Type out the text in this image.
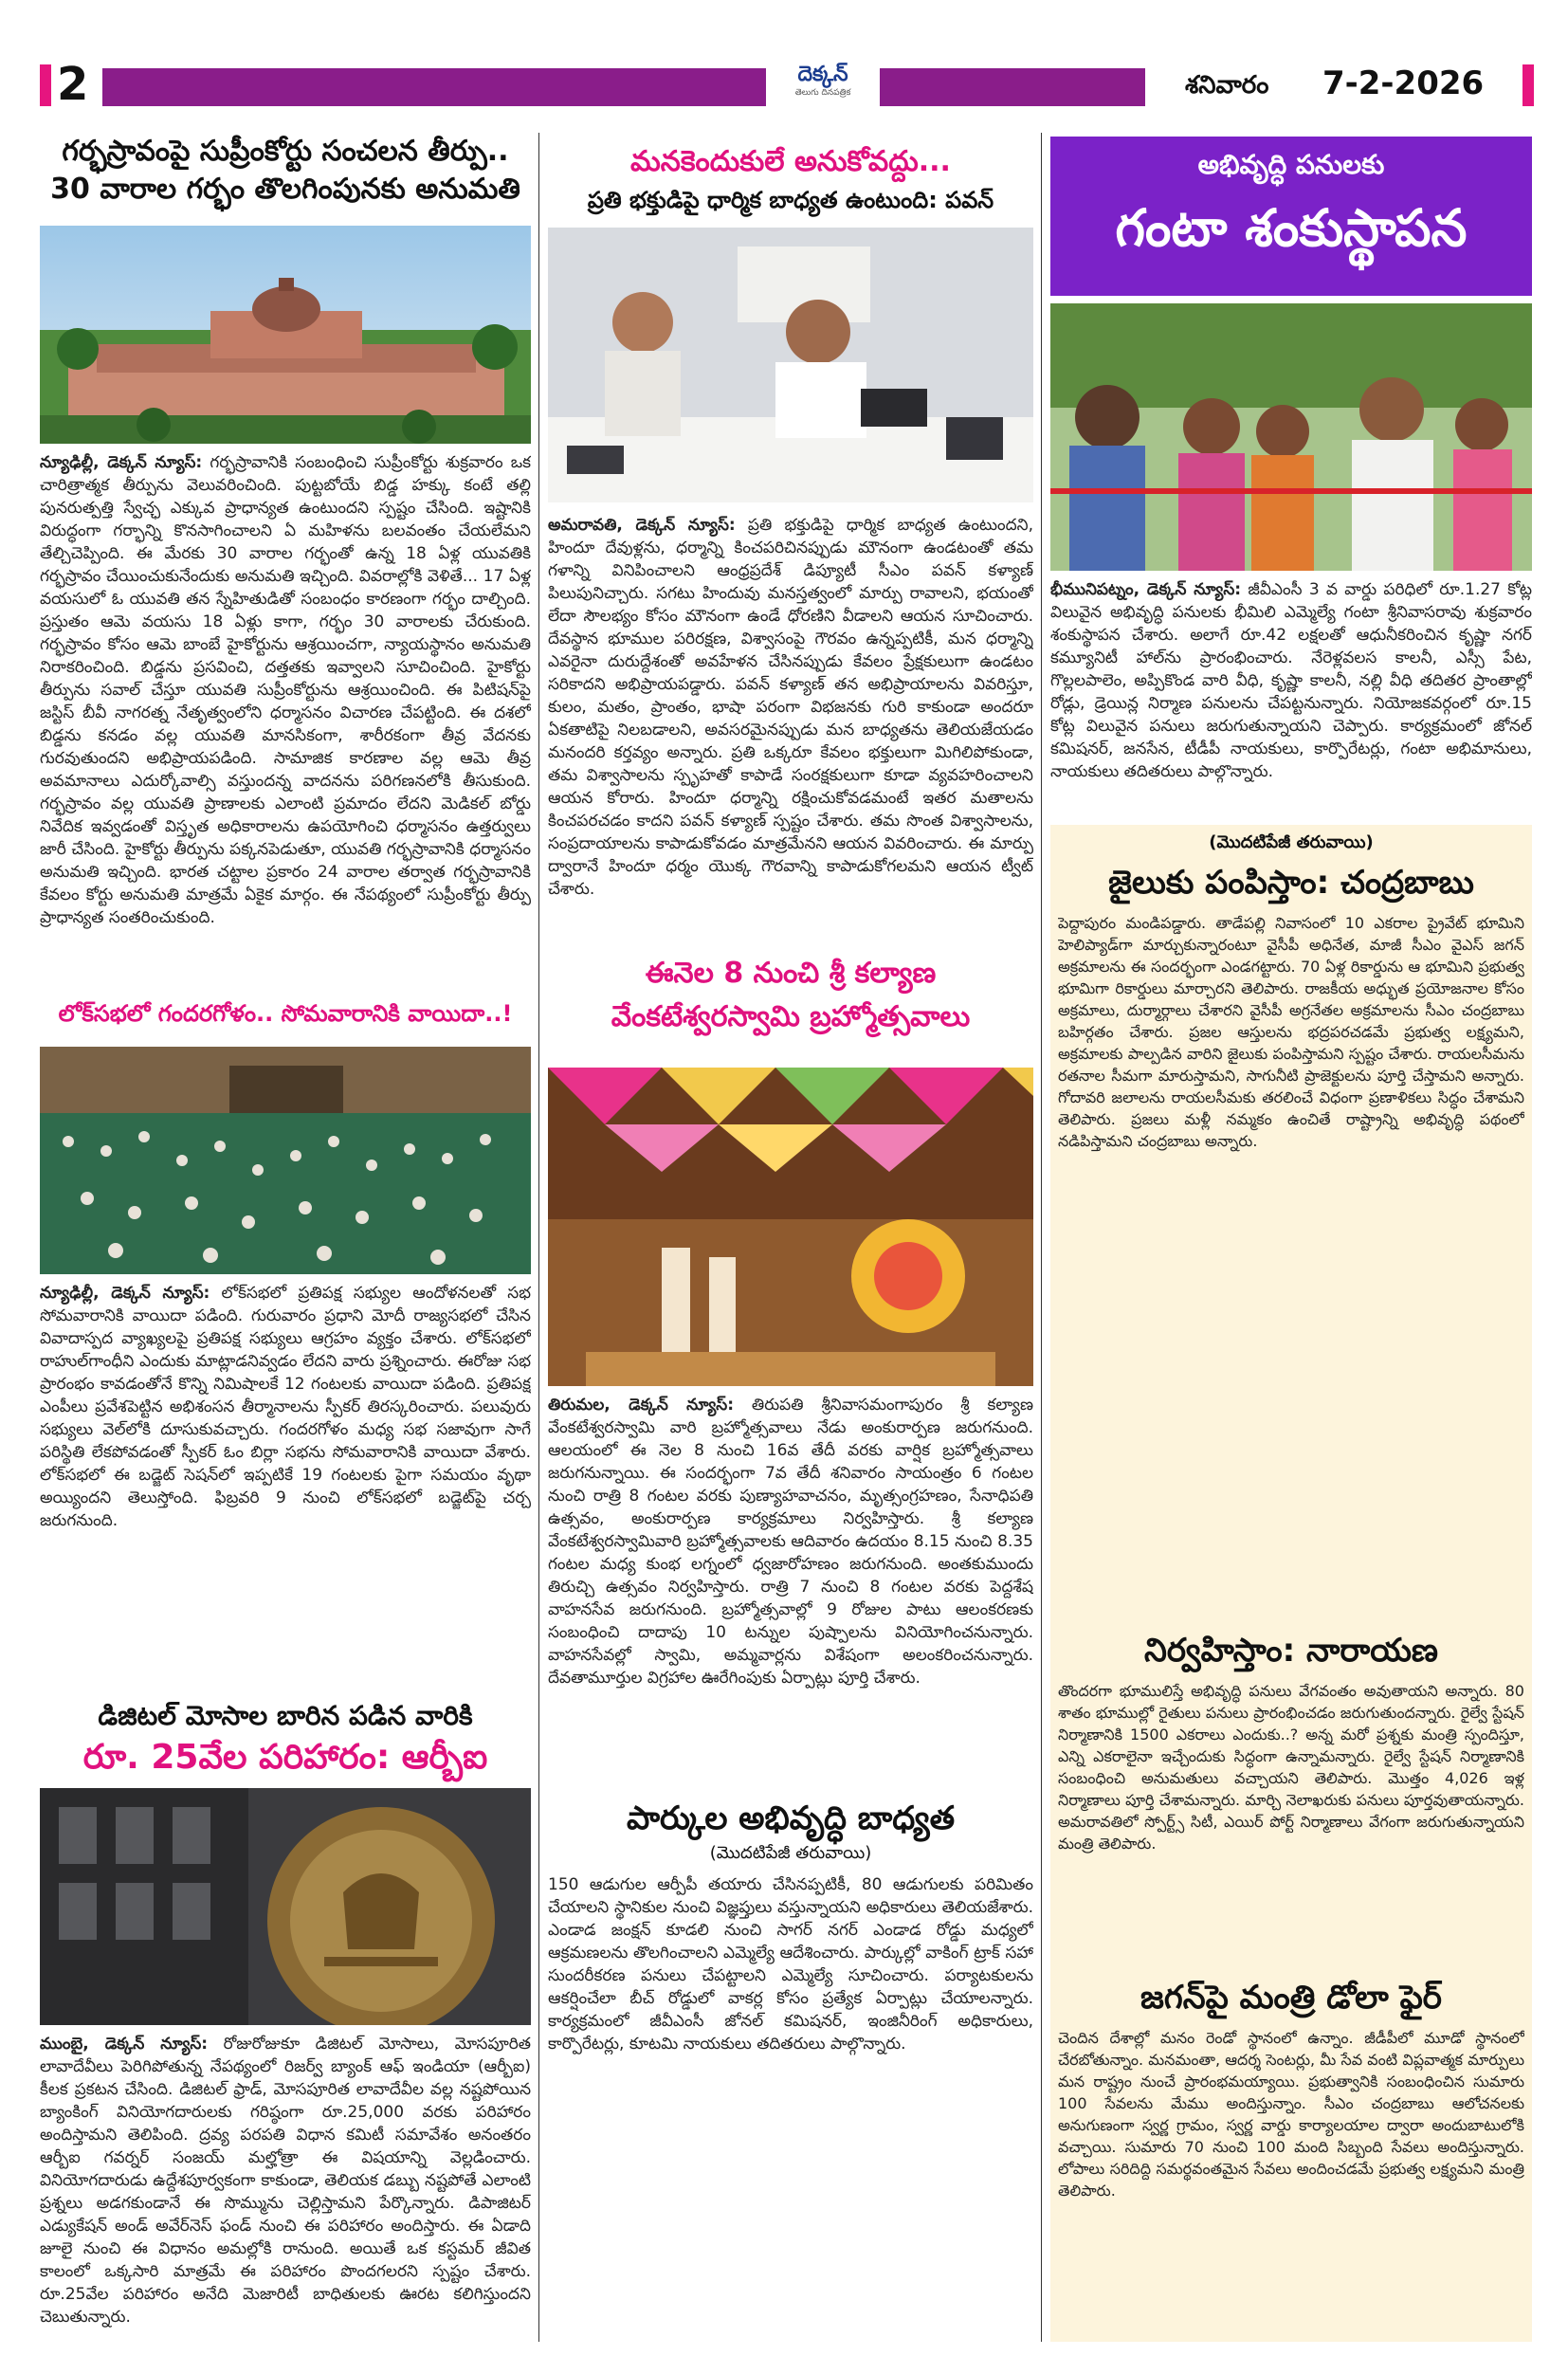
2	దెక్కన్
తెలుగు దినపత్రిక	శనివారం 7-2-2026
గర్భస్రావంపై సుప్రీంకోర్టు సంచలన తీర్పు..
30 వారాల గర్భం తొలగింపునకు అనుమతి
న్యూఢిల్లీ, డెక్కన్ న్యూస్: గర్భస్రావానికి సంబంధించి సుప్రీంకోర్టు శుక్రవారం ఒక చారిత్రాత్మక తీర్పును వెలువరించింది. పుట్టబోయే బిడ్డ హక్కు కంటే తల్లి పునరుత్పత్తి స్వేచ్ఛ ఎక్కువ ప్రాధాన్యత ఉంటుందని స్పష్టం చేసింది. ఇష్టానికి విరుద్ధంగా గర్భాన్ని కొనసాగించాలని ఏ మహిళను బలవంతం చేయలేమని తేల్చిచెప్పింది. ఈ మేరకు 30 వారాల గర్భంతో ఉన్న 18 ఏళ్ల యువతికి గర్భస్రావం చేయించుకునేందుకు అనుమతి ఇచ్చింది. వివరాల్లోకి వెళితే... 17 ఏళ్ల వయసులో ఓ యువతి తన స్నేహితుడితో సంబంధం కారణంగా గర్భం దాల్చింది. ప్రస్తుతం ఆమె వయసు 18 ఏళ్లు కాగా, గర్భం 30 వారాలకు చేరుకుంది. గర్భస్రావం కోసం ఆమె బాంబే హైకోర్టును ఆశ్రయించగా, న్యాయస్థానం అనుమతి నిరాకరించింది. బిడ్డను ప్రసవించి, దత్తతకు ఇవ్వాలని సూచించింది. హైకోర్టు తీర్పును సవాల్ చేస్తూ యువతి సుప్రీంకోర్టును ఆశ్రయించింది. ఈ పిటిషన్‌పై జస్టిస్ బీవీ నాగరత్న నేతృత్వంలోని ధర్మాసనం విచారణ చేపట్టింది. ఈ దశలో బిడ్డను కనడం వల్ల యువతి మానసికంగా, శారీరకంగా తీవ్ర వేదనకు గురవుతుందని అభిప్రాయపడింది. సామాజిక కారణాల వల్ల ఆమె తీవ్ర అవమానాలు ఎదుర్కోవాల్సి వస్తుందన్న వాదనను పరిగణనలోకి తీసుకుంది. గర్భస్రావం వల్ల యువతి ప్రాణాలకు ఎలాంటి ప్రమాదం లేదని మెడికల్ బోర్డు నివేదిక ఇవ్వడంతో విస్తృత అధికారాలను ఉపయోగించి ధర్మాసనం ఉత్తర్వులు జారీ చేసింది. హైకోర్టు తీర్పును పక్కనపెడుతూ, యువతి గర్భస్రావానికి ధర్మాసనం అనుమతి ఇచ్చింది. భారత చట్టాల ప్రకారం 24 వారాల తర్వాత గర్భస్రావానికి కేవలం కోర్టు అనుమతి మాత్రమే ఏకైక మార్గం. ఈ నేపథ్యంలో సుప్రీంకోర్టు తీర్పు ప్రాధాన్యత సంతరించుకుంది.
లోక్‌సభలో గందరగోళం.. సోమవారానికి వాయిదా..!
న్యూఢిల్లీ, డెక్కన్ న్యూస్: లోక్‌సభలో ప్రతిపక్ష సభ్యుల ఆందోళనలతో సభ సోమవారానికి వాయిదా పడింది. గురువారం ప్రధాని మోదీ రాజ్యసభలో చేసిన వివాదాస్పద వ్యాఖ్యలపై ప్రతిపక్ష సభ్యులు ఆగ్రహం వ్యక్తం చేశారు. లోక్‌సభలో రాహుల్‌గాంధీని ఎందుకు మాట్లాడనివ్వడం లేదని వారు ప్రశ్నించారు. ఈరోజు సభ ప్రారంభం కావడంతోనే కొన్ని నిమిషాలకే 12 గంటలకు వాయిదా పడింది. ప్రతిపక్ష ఎంపీలు ప్రవేశపెట్టిన అభిశంసన తీర్మానాలను స్పీకర్ తిరస్కరించారు. పలువురు సభ్యులు వెల్‌లోకి దూసుకువచ్చారు. గందరగోళం మధ్య సభ సజావుగా సాగే పరిస్థితి లేకపోవడంతో స్పీకర్ ఓం బిర్లా సభను సోమవారానికి వాయిదా వేశారు. లోక్‌సభలో ఈ బడ్జెట్ సెషన్‌లో ఇప్పటికే 19 గంటలకు పైగా సమయం వృథా అయ్యిందని తెలుస్తోంది. ఫిబ్రవరి 9 నుంచి లోక్‌సభలో బడ్జెట్‌పై చర్చ జరుగనుంది.
డిజిటల్ మోసాల బారిన పడిన వారికి
రూ. 25వేల పరిహారం: ఆర్బీఐ
ముంబై, డెక్కన్ న్యూస్: రోజురోజుకూ డిజిటల్ మోసాలు, మోసపూరిత లావాదేవీలు పెరిగిపోతున్న నేపథ్యంలో రిజర్వ్ బ్యాంక్ ఆఫ్ ఇండియా (ఆర్బీఐ) కీలక ప్రకటన చేసింది. డిజిటల్ ఫ్రాడ్, మోసపూరిత లావాదేవీల వల్ల నష్టపోయిన బ్యాంకింగ్ వినియోగదారులకు గరిష్ఠంగా రూ.25,000 వరకు పరిహారం అందిస్తామని తెలిపింది. ద్రవ్య పరపతి విధాన కమిటీ సమావేశం అనంతరం ఆర్బీఐ గవర్నర్ సంజయ్ మల్హోత్రా ఈ విషయాన్ని వెల్లడించారు. వినియోగదారుడు ఉద్దేశపూర్వకంగా కాకుండా, తెలియక డబ్బు నష్టపోతే ఎలాంటి ప్రశ్నలు అడగకుండానే ఈ సొమ్మును చెల్లిస్తామని పేర్కొన్నారు. డిపాజిటర్ ఎడ్యుకేషన్ అండ్ అవేర్‌నెస్ ఫండ్ నుంచి ఈ పరిహారం అందిస్తారు. ఈ ఏడాది జూలై నుంచి ఈ విధానం అమల్లోకి రానుంది. అయితే ఒక కస్టమర్ జీవిత కాలంలో ఒక్కసారి మాత్రమే ఈ పరిహారం పొందగలరని స్పష్టం చేశారు. రూ.25వేల పరిహారం అనేది మెజారిటీ బాధితులకు ఊరట కలిగిస్తుందని చెబుతున్నారు.
మనకెందుకులే అనుకోవద్దు...
ప్రతి భక్తుడిపై ధార్మిక బాధ్యత ఉంటుంది: పవన్
అమరావతి, డెక్కన్ న్యూస్: ప్రతి భక్తుడిపై ధార్మిక బాధ్యత ఉంటుందని, హిందూ దేవుళ్లను, ధర్మాన్ని కించపరిచినప్పుడు మౌనంగా ఉండటంతో తమ గళాన్ని వినిపించాలని ఆంధ్రప్రదేశ్ డిప్యూటీ సీఎం పవన్ కళ్యాణ్ పిలుపునిచ్చారు. సగటు హిందువు మనస్తత్వంలో మార్పు రావాలని, భయంతో లేదా సౌలభ్యం కోసం మౌనంగా ఉండే ధోరణిని వీడాలని ఆయన సూచించారు. దేవస్థాన భూముల పరిరక్షణ, విశ్వాసంపై గౌరవం ఉన్నప్పటికీ, మన ధర్మాన్ని ఎవరైనా దురుద్దేశంతో అవహేళన చేసినప్పుడు కేవలం ప్రేక్షకులుగా ఉండటం సరికాదని అభిప్రాయపడ్డారు. పవన్ కళ్యాణ్ తన అభిప్రాయాలను వివరిస్తూ, కులం, మతం, ప్రాంతం, భాషా పరంగా విభజనకు గురి కాకుండా అందరూ ఏకతాటిపై నిలబడాలని, అవసరమైనప్పుడు మన బాధ్యతను తెలియజేయడం మనందరి కర్తవ్యం అన్నారు. ప్రతి ఒక్కరూ కేవలం భక్తులుగా మిగిలిపోకుండా, తమ విశ్వాసాలను స్పృహతో కాపాడే సంరక్షకులుగా కూడా వ్యవహరించాలని ఆయన కోరారు. హిందూ ధర్మాన్ని రక్షించుకోవడమంటే ఇతర మతాలను కించపరచడం కాదని పవన్ కళ్యాణ్ స్పష్టం చేశారు. తమ సొంత విశ్వాసాలను, సంప్రదాయాలను కాపాడుకోవడం మాత్రమేనని ఆయన వివరించారు. ఈ మార్పు ద్వారానే హిందూ ధర్మం యొక్క గౌరవాన్ని కాపాడుకోగలమని ఆయన ట్వీట్ చేశారు.
ఈనెల 8 నుంచి శ్రీ కల్యాణ
వేంకటేశ్వరస్వామి బ్రహ్మోత్సవాలు
తిరుమల, డెక్కన్ న్యూస్: తిరుపతి శ్రీనివాసమంగాపురం శ్రీ కల్యాణ వేంకటేశ్వరస్వామి వారి బ్రహ్మోత్సవాలు నేడు అంకురార్పణ జరుగనుంది. ఆలయంలో ఈ నెల 8 నుంచి 16వ తేదీ వరకు వార్షిక బ్రహ్మోత్సవాలు జరుగనున్నాయి. ఈ సందర్భంగా 7వ తేదీ శనివారం సాయంత్రం 6 గంటల నుంచి రాత్రి 8 గంటల వరకు పుణ్యాహవాచనం, మృత్సంగ్రహణం, సేనాధిపతి ఉత్సవం, అంకురార్పణ కార్యక్రమాలు నిర్వహిస్తారు. శ్రీ కల్యాణ వేంకటేశ్వరస్వామివారి బ్రహ్మోత్సవాలకు ఆదివారం ఉదయం 8.15 నుంచి 8.35 గంటల మధ్య కుంభ లగ్నంలో ధ్వజారోహణం జరుగనుంది. అంతకుముందు తిరుచ్చి ఉత్సవం నిర్వహిస్తారు. రాత్రి 7 నుంచి 8 గంటల వరకు పెద్దశేష వాహనసేవ జరుగనుంది. బ్రహ్మోత్సవాల్లో 9 రోజుల పాటు ఆలంకరణకు సంబంధించి దాదాపు 10 టన్నుల పుష్పాలను వినియోగించనున్నారు. వాహనసేవల్లో స్వామి, అమ్మవార్లను విశేషంగా అలంకరించనున్నారు. దేవతామూర్తుల విగ్రహాల ఊరేగింపుకు ఏర్పాట్లు పూర్తి చేశారు.
పార్కుల అభివృద్ధి బాధ్యత
(మొదటిపేజీ తరువాయి)
150 ఆడుగుల ఆర్పీపీ తయారు చేసినప్పటికీ, 80 ఆడుగులకు పరిమితం చేయాలని స్థానికుల నుంచి విజ్ఞప్తులు వస్తున్నాయని అధికారులు తెలియజేశారు. ఎండాడ జంక్షన్ కూడలి నుంచి సాగర్ నగర్ ఎండాడ రోడ్డు మధ్యలో ఆక్రమణలను తొలగించాలని ఎమ్మెల్యే ఆదేశించారు. పార్కుల్లో వాకింగ్ ట్రాక్ సహా సుందరీకరణ పనులు చేపట్టాలని ఎమ్మెల్యే సూచించారు. పర్యాటకులను ఆకర్షించేలా బీచ్ రోడ్డులో వాకర్ల కోసం ప్రత్యేక ఏర్పాట్లు చేయాలన్నారు. కార్యక్రమంలో జీవీఎంసీ జోనల్ కమిషనర్, ఇంజినీరింగ్ అధికారులు, కార్పొరేటర్లు, కూటమి నాయకులు తదితరులు పాల్గొన్నారు.
అభివృద్ధి పనులకు
గంటా శంకుస్థాపన
భీమునిపట్నం, డెక్కన్ న్యూస్: జీవీఎంసీ 3 వ వార్డు పరిధిలో రూ.1.27 కోట్ల విలువైన అభివృద్ధి పనులకు భీమిలి ఎమ్మెల్యే గంటా శ్రీనివాసరావు శుక్రవారం శంకుస్థాపన చేశారు. అలాగే రూ.42 లక్షలతో ఆధునీకరించిన కృష్ణా నగర్ కమ్యూనిటీ హాల్‌ను ప్రారంభించారు. నేరెళ్లవలస కాలనీ, ఎస్సీ పేట, గొల్లలపాలెం, అప్పికొండ వారి వీధి, కృష్ణా కాలనీ, నల్లి వీధి తదితర ప్రాంతాల్లో రోడ్లు, డ్రెయిన్ల నిర్మాణ పనులను చేపట్టనున్నారు. నియోజకవర్గంలో రూ.15 కోట్ల విలువైన పనులు జరుగుతున్నాయని చెప్పారు. కార్యక్రమంలో జోనల్ కమిషనర్, జనసేన, టీడీపీ నాయకులు, కార్పొరేటర్లు, గంటా అభిమానులు, నాయకులు తదితరులు పాల్గొన్నారు.
(మొదటిపేజీ తరువాయి)
జైలుకు పంపిస్తాం: చంద్రబాబు
పెద్దాపురం మండిపడ్డారు. తాడేపల్లి నివాసంలో 10 ఎకరాల ప్రైవేట్ భూమిని హెలిప్యాడ్‌గా మార్చుకున్నారంటూ వైసీపీ అధినేత, మాజీ సీఎం వైఎస్ జగన్ అక్రమాలను ఈ సందర్భంగా ఎండగట్టారు. 70 ఏళ్ల రికార్డును ఆ భూమిని ప్రభుత్వ భూమిగా రికార్డులు మార్చారని తెలిపారు. రాజకీయ అధ్భుత ప్రయోజనాల కోసం అక్రమాలు, దుర్మార్గాలు చేశారని వైసీపీ అగ్రనేతల అక్రమాలను సీఎం చంద్రబాబు బహిర్గతం చేశారు. ప్రజల ఆస్తులను భద్రపరచడమే ప్రభుత్వ లక్ష్యమని, అక్రమాలకు పాల్పడిన వారిని జైలుకు పంపిస్తామని స్పష్టం చేశారు. రాయలసీమను రతనాల సీమగా మారుస్తామని, సాగునీటి ప్రాజెక్టులను పూర్తి చేస్తామని అన్నారు. గోదావరి జలాలను రాయలసీమకు తరలించే విధంగా ప్రణాళికలు సిద్ధం చేశామని తెలిపారు. ప్రజలు మళ్లీ నమ్మకం ఉంచితే రాష్ట్రాన్ని అభివృద్ధి పథంలో నడిపిస్తామని చంద్రబాబు అన్నారు.
నిర్వహిస్తాం: నారాయణ
తొందరగా భూములిస్తే అభివృద్ధి పనులు వేగవంతం అవుతాయని అన్నారు. 80 శాతం భూముల్లో రైతులు పనులు ప్రారంభించడం జరుగుతుందన్నారు. రైల్వే స్టేషన్ నిర్మాణానికి 1500 ఎకరాలు ఎందుకు..? అన్న మరో ప్రశ్నకు మంత్రి స్పందిస్తూ, ఎన్ని ఎకరాలైనా ఇచ్చేందుకు సిద్ధంగా ఉన్నామన్నారు. రైల్వే స్టేషన్ నిర్మాణానికి సంబంధించి అనుమతులు వచ్చాయని తెలిపారు. మొత్తం 4,026 ఇళ్ల నిర్మాణాలు పూర్తి చేశామన్నారు. మార్చి నెలాఖరుకు పనులు పూర్తవుతాయన్నారు. అమరావతిలో స్పోర్ట్స్ సిటీ, ఎయిర్ పోర్ట్ నిర్మాణాలు వేగంగా జరుగుతున్నాయని మంత్రి తెలిపారు.
జగన్‌పై మంత్రి డోలా ఫైర్
చెందిన దేశాల్లో మనం రెండో స్థానంలో ఉన్నాం. జీడీపీలో మూడో స్థానంలో చేరబోతున్నాం. మనమంతా, ఆదర్శ సెంటర్లు, మీ సేవ వంటి విప్లవాత్మక మార్పులు మన రాష్ట్రం నుంచే ప్రారంభమయ్యాయి. ప్రభుత్వానికి సంబంధించిన సుమారు 100 సేవలను మేము అందిస్తున్నాం. సీఎం చంద్రబాబు ఆలోచనలకు అనుగుణంగా స్వర్ణ గ్రామం, స్వర్ణ వార్డు కార్యాలయాల ద్వారా అందుబాటులోకి వచ్చాయి. సుమారు 70 నుంచి 100 మంది సిబ్బంది సేవలు అందిస్తున్నారు. లోపాలు సరిదిద్ది సమర్థవంతమైన సేవలు అందించడమే ప్రభుత్వ లక్ష్యమని మంత్రి తెలిపారు.
